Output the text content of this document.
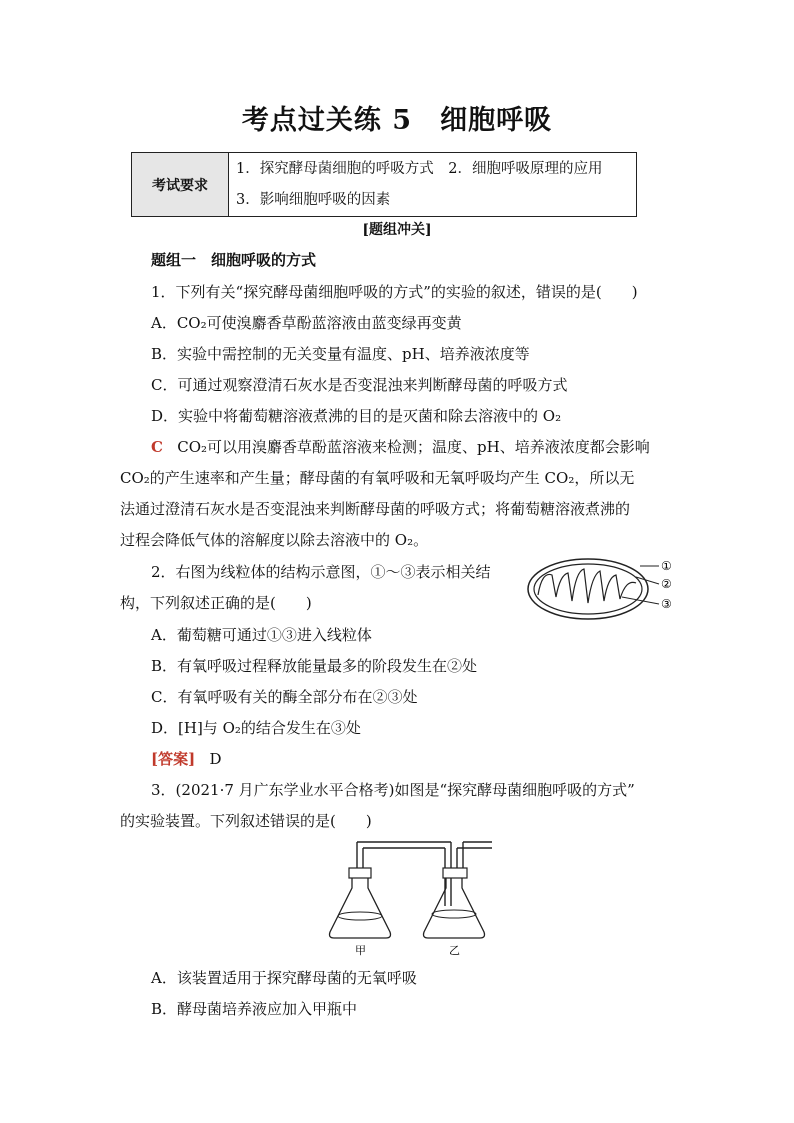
考点过关练 5　细胞呼吸
考试要求
1．探究酵母菌细胞的呼吸方式　2．细胞呼吸原理的应用
3．影响细胞呼吸的因素
[题组冲关]
题组一　细胞呼吸的方式
1．下列有关“探究酵母菌细胞呼吸的方式”的实验的叙述，错误的是(　　)
A．CO₂可使溴麝香草酚蓝溶液由蓝变绿再变黄
B．实验中需控制的无关变量有温度、pH、培养液浓度等
C．可通过观察澄清石灰水是否变混浊来判断酵母菌的呼吸方式
D．实验中将葡萄糖溶液煮沸的目的是灭菌和除去溶液中的 O₂
C CO₂可以用溴麝香草酚蓝溶液来检测；温度、pH、培养液浓度都会影响
CO₂的产生速率和产生量；酵母菌的有氧呼吸和无氧呼吸均产生 CO₂，所以无
法通过澄清石灰水是否变混浊来判断酵母菌的呼吸方式；将葡萄糖溶液煮沸的
过程会降低气体的溶解度以除去溶液中的 O₂。
2．右图为线粒体的结构示意图，①～③表示相关结
构，下列叙述正确的是(　　)
①
②
③
A．葡萄糖可通过①③进入线粒体
B．有氧呼吸过程释放能量最多的阶段发生在②处
C．有氧呼吸有关的酶全部分布在②③处
D．[H]与 O₂的结合发生在③处
[答案] D
3．(2021·7 月广东学业水平合格考)如图是“探究酵母菌细胞呼吸的方式”
的实验装置。下列叙述错误的是(　　)
甲	乙
A．该装置适用于探究酵母菌的无氧呼吸
B．酵母菌培养液应加入甲瓶中
